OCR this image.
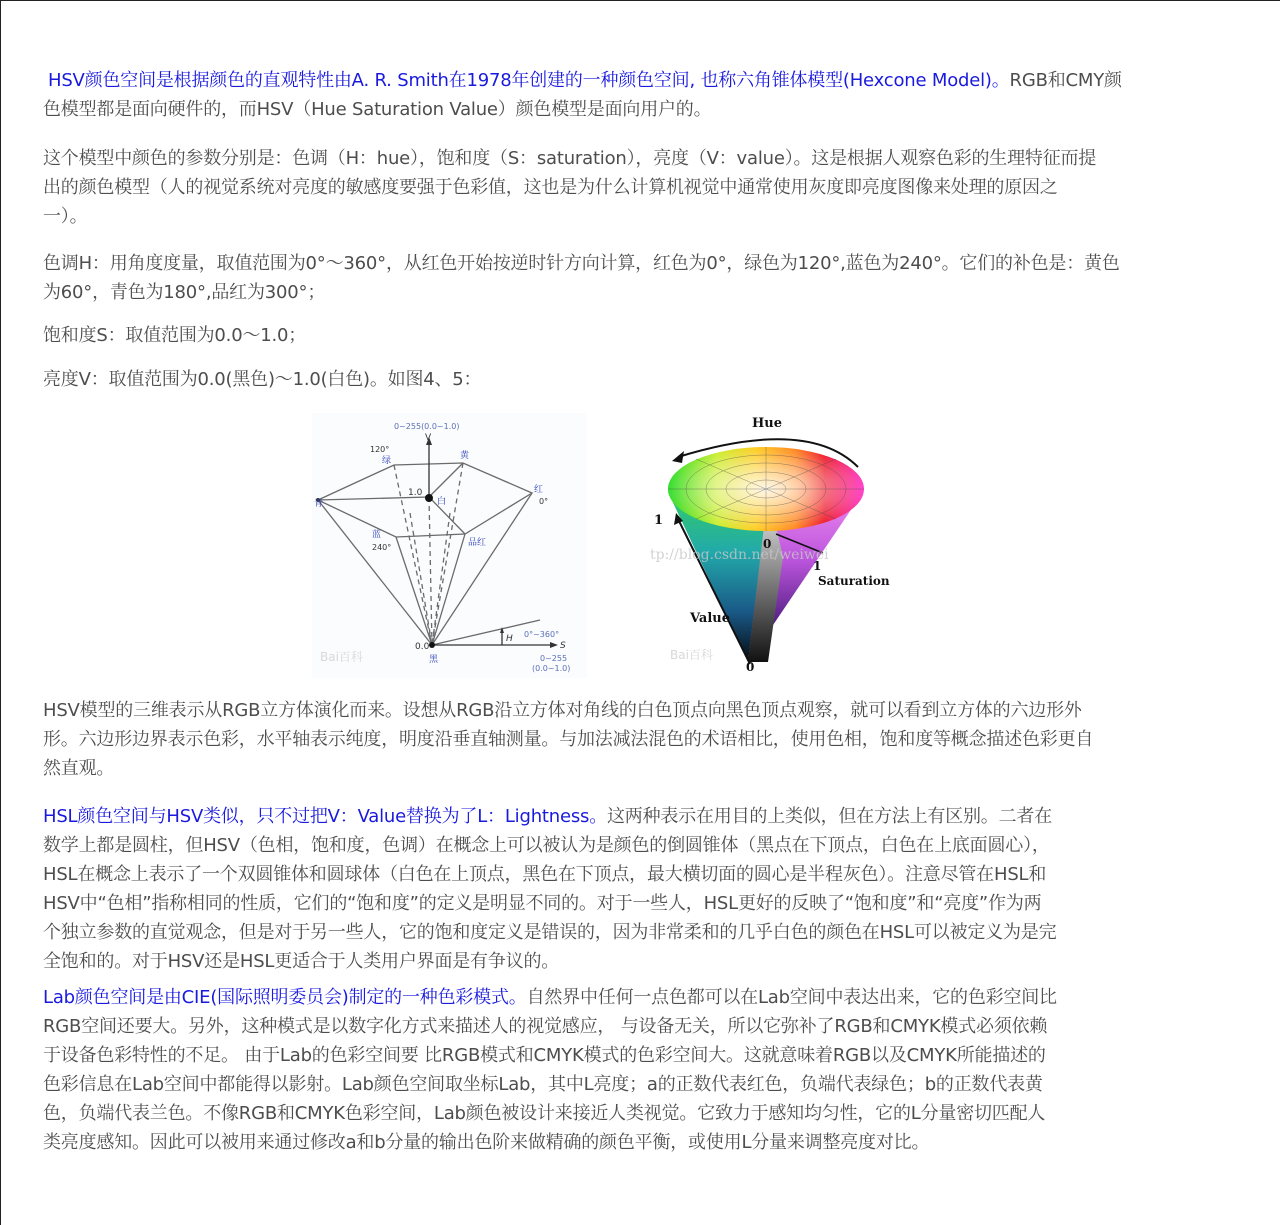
HSV颜色空间是根据颜色的直观特性由A. R. Smith在1978年创建的一种颜色空间, 也称六角锥体模型(Hexcone Model)。RGB和CMY颜
色模型都是面向硬件的，而HSV（Hue Saturation Value）颜色模型是面向用户的。

这个模型中颜色的参数分别是：色调（H：hue），饱和度（S：saturation），亮度（V：value）。这是根据人观察色彩的生理特征而提
出的颜色模型（人的视觉系统对亮度的敏感度要强于色彩值，这也是为什么计算机视觉中通常使用灰度即亮度图像来处理的原因之
一）。

色调H：用角度度量，取值范围为0°～360°，从红色开始按逆时针方向计算，红色为0°，绿色为120°,蓝色为240°。它们的补色是：黄色
为60°，青色为180°,品红为300°；

饱和度S：取值范围为0.0～1.0；

亮度V：取值范围为0.0(黑色)～1.0(白色)。如图4、5：

HSV模型的三维表示从RGB立方体演化而来。设想从RGB沿立方体对角线的白色顶点向黑色顶点观察，就可以看到立方体的六边形外
形。六边形边界表示色彩，水平轴表示纯度，明度沿垂直轴测量。与加法减法混色的术语相比，使用色相，饱和度等概念描述色彩更自
然直观。

HSL颜色空间与HSV类似，只不过把V：Value替换为了L：Lightness。这两种表示在用目的上类似，但在方法上有区别。二者在
数学上都是圆柱，但HSV（色相，饱和度，色调）在概念上可以被认为是颜色的倒圆锥体（黑点在下顶点，白色在上底面圆心），
HSL在概念上表示了一个双圆锥体和圆球体（白色在上顶点，黑色在下顶点，最大横切面的圆心是半程灰色）。注意尽管在HSL和
HSV中“色相”指称相同的性质，它们的“饱和度”的定义是明显不同的。对于一些人，HSL更好的反映了“饱和度”和“亮度”作为两
个独立参数的直觉观念，但是对于另一些人，它的饱和度定义是错误的，因为非常柔和的几乎白色的颜色在HSL可以被定义为是完
全饱和的。对于HSV还是HSL更适合于人类用户界面是有争议的。

Lab颜色空间是由CIE(国际照明委员会)制定的一种色彩模式。自然界中任何一点色都可以在Lab空间中表达出来，它的色彩空间比
RGB空间还要大。另外，这种模式是以数字化方式来描述人的视觉感应， 与设备无关，所以它弥补了RGB和CMYK模式必须依赖
于设备色彩特性的不足。 由于Lab的色彩空间要 比RGB模式和CMYK模式的色彩空间大。这就意味着RGB以及CMYK所能描述的
色彩信息在Lab空间中都能得以影射。Lab颜色空间取坐标Lab，其中L亮度；a的正数代表红色，负端代表绿色；b的正数代表黄
色，负端代表兰色。不像RGB和CMYK色彩空间，Lab颜色被设计来接近人类视觉。它致力于感知均匀性，它的L分量密切匹配人
类亮度感知。因此可以被用来通过修改a和b分量的输出色阶来做精确的颜色平衡，或使用L分量来调整亮度对比。

0~255(0.0~1.0)
V
120°
绿	黄
红
0°
青
1.0
白
蓝
240°	品红
0.0
黑
H 0°~360°
S
0~255
(0.0~1.0)
Bai百科
Hue
1
0
1
Saturation
Value
0
tp://blog.csdn.net/weiwei
Bai百科
